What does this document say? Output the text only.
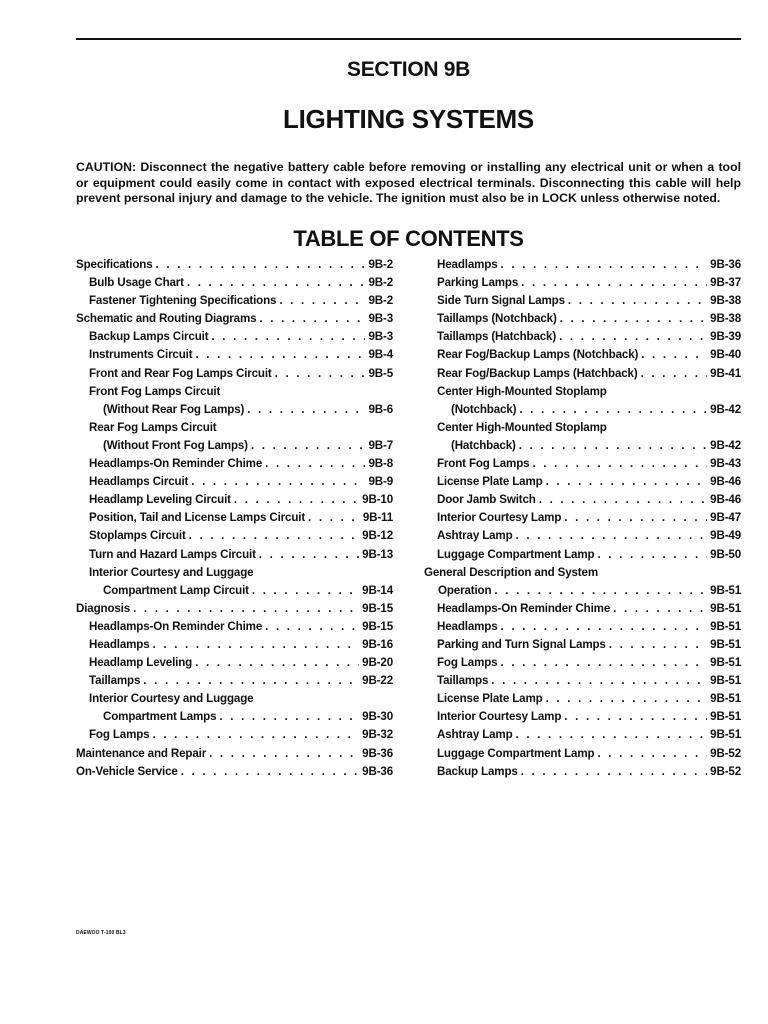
SECTION 9B
LIGHTING SYSTEMS

CAUTION: Disconnect the negative battery cable before removing or installing any electrical unit or when a tool or equipment could easily come in contact with exposed electrical terminals. Disconnecting this cable will help prevent personal injury and damage to the vehicle. The ignition must also be in LOCK unless otherwise noted.

TABLE OF CONTENTS
Specifications . . .	9B-2
Bulb Usage Chart . . .	9B-2
Fastener Tightening Specifications . . .	9B-2
Schematic and Routing Diagrams . . .	9B-3
Backup Lamps Circuit . . .	9B-3
Instruments Circuit . . .	9B-4
Front and Rear Fog Lamps Circuit . . .	9B-5
Front Fog Lamps Circuit
(Without Rear Fog Lamps) . . .	9B-6
Rear Fog Lamps Circuit
(Without Front Fog Lamps) . . .	9B-7
Headlamps-On Reminder Chime . . .	9B-8
Headlamps Circuit . . .	9B-9
Headlamp Leveling Circuit . . .	9B-10
Position, Tail and License Lamps Circuit . . .	9B-11
Stoplamps Circuit . . .	9B-12
Turn and Hazard Lamps Circuit . . .	9B-13
Interior Courtesy and Luggage
Compartment Lamp Circuit . . .	9B-14
Diagnosis . . .	9B-15
Headlamps-On Reminder Chime . . .	9B-15
Headlamps . . .	9B-16
Headlamp Leveling . . .	9B-20
Taillamps . . .	9B-22
Interior Courtesy and Luggage
Compartment Lamps . . .	9B-30
Fog Lamps . . .	9B-32
Maintenance and Repair . . .	9B-36
On-Vehicle Service . . .	9B-36
Headlamps . . .	9B-36
Parking Lamps . . .	9B-37
Side Turn Signal Lamps . . .	9B-38
Taillamps (Notchback) . . .	9B-38
Taillamps (Hatchback) . . .	9B-39
Rear Fog/Backup Lamps (Notchback) . . .	9B-40
Rear Fog/Backup Lamps (Hatchback) . . .	9B-41
Center High-Mounted Stoplamp
(Notchback) . . .	9B-42
Center High-Mounted Stoplamp
(Hatchback) . . .	9B-42
Front Fog Lamps . . .	9B-43
License Plate Lamp . . .	9B-46
Door Jamb Switch . . .	9B-46
Interior Courtesy Lamp . . .	9B-47
Ashtray Lamp . . .	9B-49
Luggage Compartment Lamp . . .	9B-50
General Description and System
Operation . . .	9B-51
Headlamps-On Reminder Chime . . .	9B-51
Headlamps . . .	9B-51
Parking and Turn Signal Lamps . . .	9B-51
Fog Lamps . . .	9B-51
Taillamps . . .	9B-51
License Plate Lamp . . .	9B-51
Interior Courtesy Lamp . . .	9B-51
Ashtray Lamp . . .	9B-51
Luggage Compartment Lamp . . .	9B-52
Backup Lamps . . .	9B-52
DAEWOO T-100 BL3
